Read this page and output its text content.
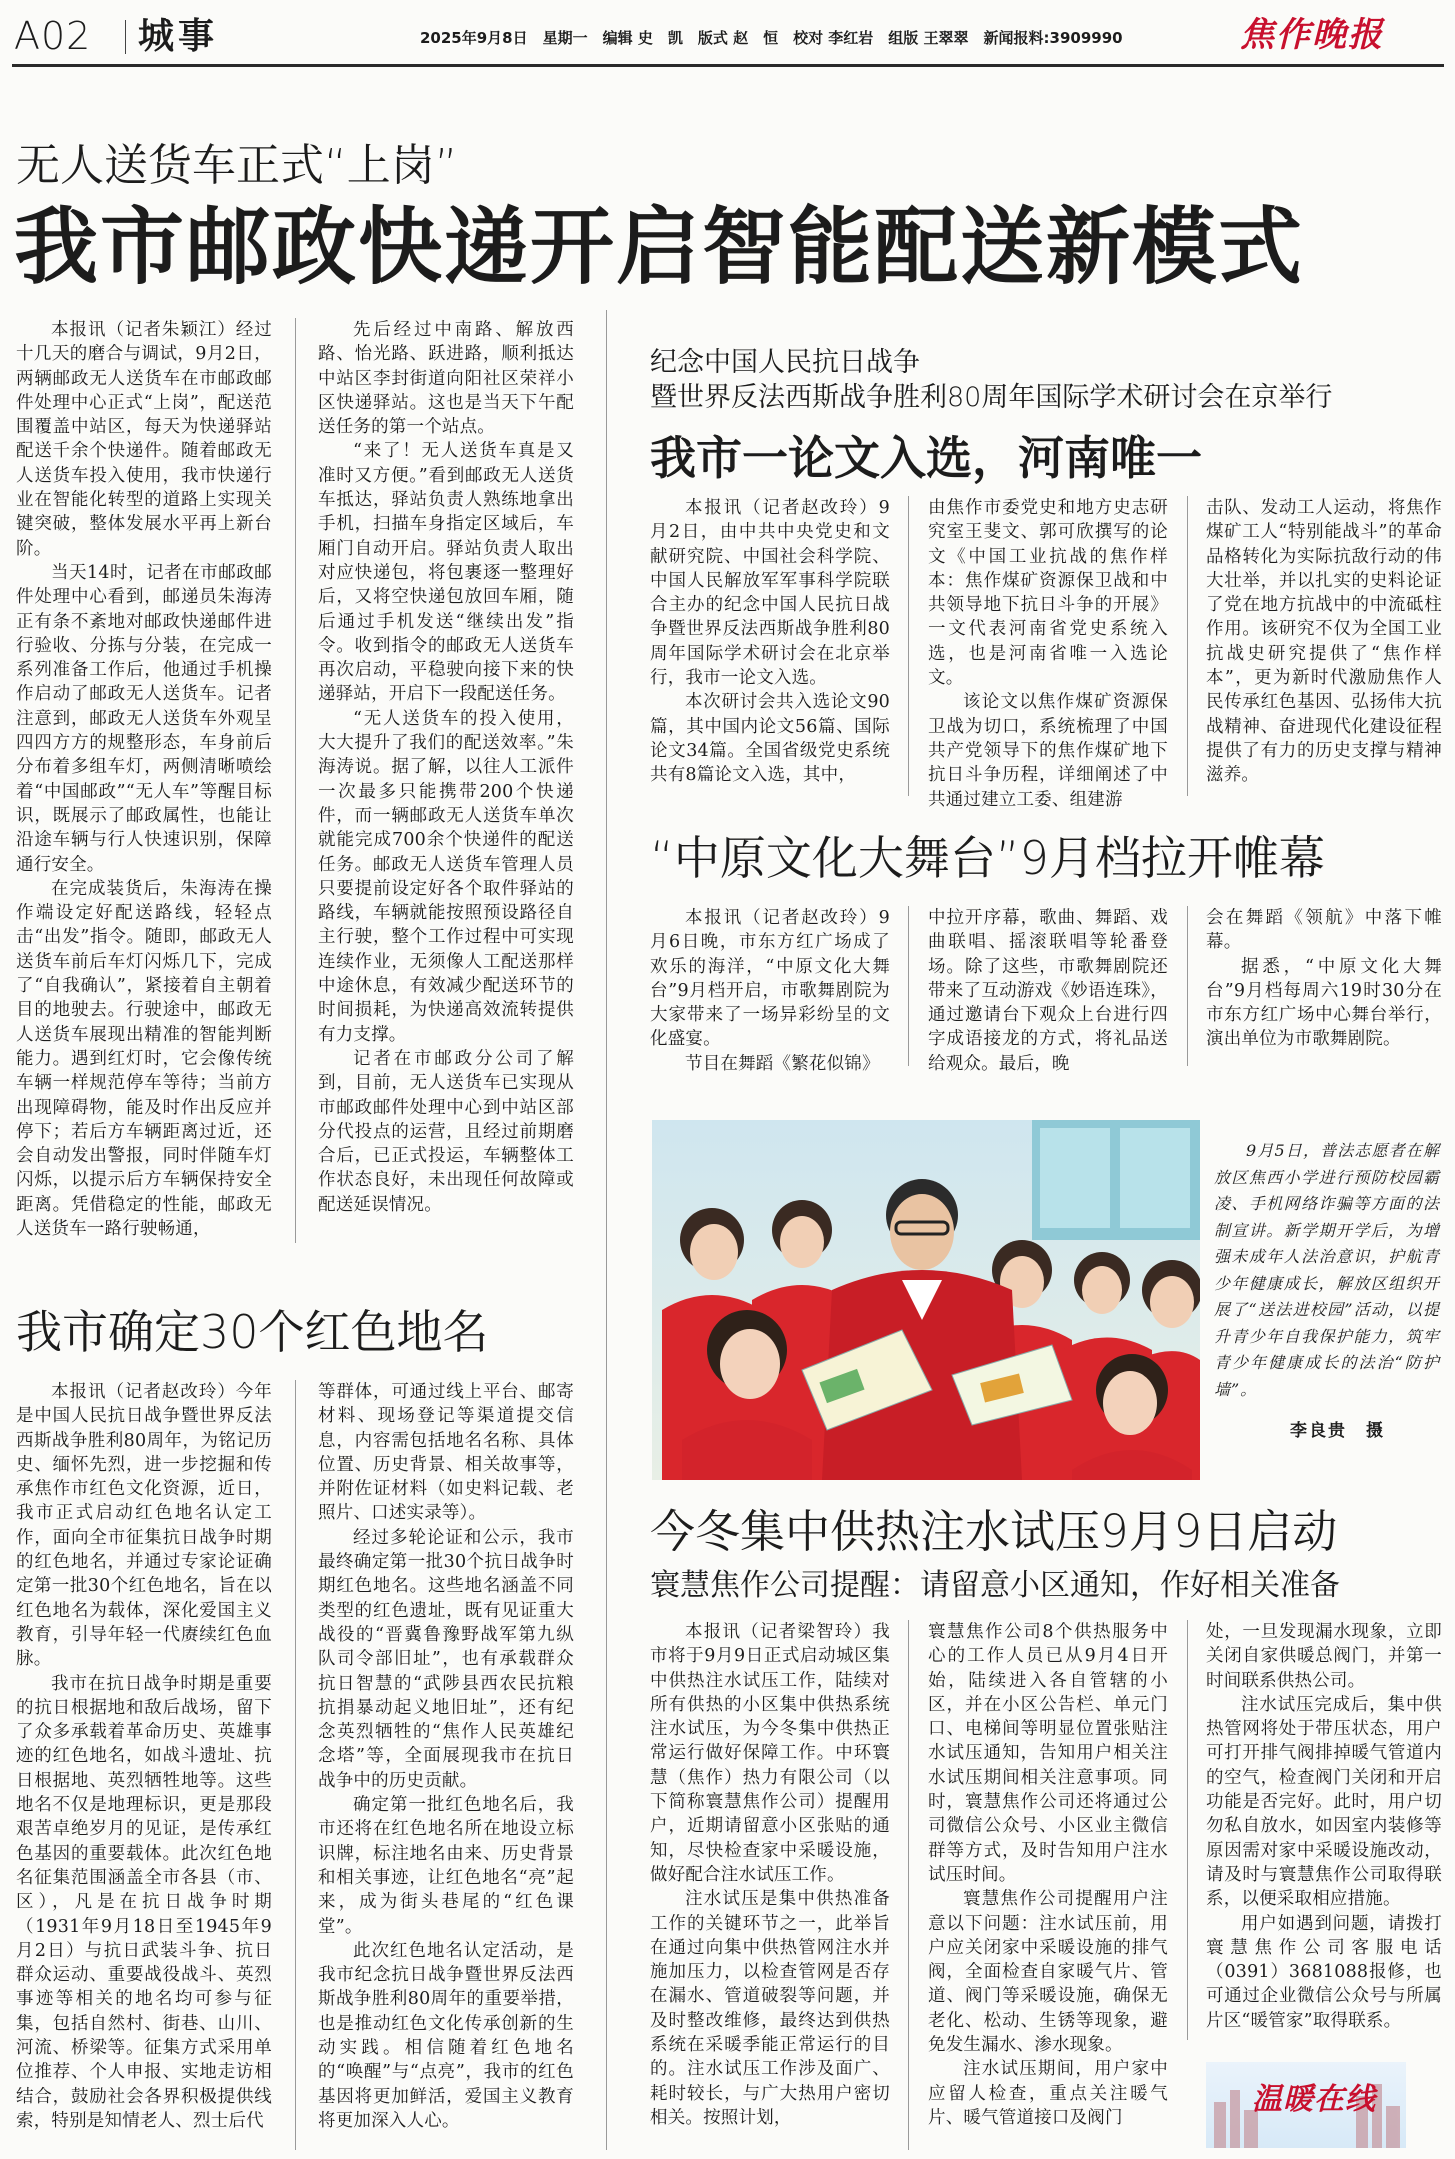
A02 城事	2025年9月8日　星期一　编辑 史　凯　版式 赵　恒　校对 李红岩　组版 王翠翠　新闻报料:3909990	焦作晚报
无人送货车正式“上岗”
我市邮政快递开启智能配送新模式

本报讯（记者朱颖江）经过十几天的磨合与调试，9月2日，两辆邮政无人送货车在市邮政邮件处理中心正式“上岗”，配送范围覆盖中站区，每天为快递驿站配送千余个快递件。随着邮政无人送货车投入使用，我市快递行业在智能化转型的道路上实现关键突破，整体发展水平再上新台阶。

当天14时，记者在市邮政邮件处理中心看到，邮递员朱海涛正有条不紊地对邮政快递邮件进行验收、分拣与分装，在完成一系列准备工作后，他通过手机操作启动了邮政无人送货车。记者注意到，邮政无人送货车外观呈四四方方的规整形态，车身前后分布着多组车灯，两侧清晰喷绘着“中国邮政”“无人车”等醒目标识，既展示了邮政属性，也能让沿途车辆与行人快速识别，保障通行安全。

在完成装货后，朱海涛在操作端设定好配送路线，轻轻点击“出发”指令。随即，邮政无人送货车前后车灯闪烁几下，完成了“自我确认”，紧接着自主朝着目的地驶去。行驶途中，邮政无人送货车展现出精准的智能判断能力。遇到红灯时，它会像传统车辆一样规范停车等待；当前方出现障碍物，能及时作出反应并停下；若后方车辆距离过近，还会自动发出警报，同时伴随车灯闪烁，以提示后方车辆保持安全距离。凭借稳定的性能，邮政无人送货车一路行驶畅通，

先后经过中南路、解放西路、怡光路、跃进路，顺利抵达中站区李封街道向阳社区荣祥小区快递驿站。这也是当天下午配送任务的第一个站点。

“来了！无人送货车真是又准时又方便。”看到邮政无人送货车抵达，驿站负责人熟练地拿出手机，扫描车身指定区域后，车厢门自动开启。驿站负责人取出对应快递包，将包裹逐一整理好后，又将空快递包放回车厢，随后通过手机发送“继续出发”指令。收到指令的邮政无人送货车再次启动，平稳驶向接下来的快递驿站，开启下一段配送任务。

“无人送货车的投入使用，大大提升了我们的配送效率。”朱海涛说。据了解，以往人工派件一次最多只能携带200个快递件，而一辆邮政无人送货车单次就能完成700余个快递件的配送任务。邮政无人送货车管理人员只要提前设定好各个取件驿站的路线，车辆就能按照预设路径自主行驶，整个工作过程中可实现连续作业，无须像人工配送那样中途休息，有效减少配送环节的时间损耗，为快递高效流转提供有力支撑。

记者在市邮政分公司了解到，目前，无人送货车已实现从市邮政邮件处理中心到中站区部分代投点的运营，且经过前期磨合后，已正式投运，车辆整体工作状态良好，未出现任何故障或配送延误情况。

纪念中国人民抗日战争
暨世界反法西斯战争胜利80周年国际学术研讨会在京举行
我市一论文入选，河南唯一

本报讯（记者赵改玲）9月2日，由中共中央党史和文献研究院、中国社会科学院、中国人民解放军军事科学院联合主办的纪念中国人民抗日战争暨世界反法西斯战争胜利80周年国际学术研讨会在北京举行，我市一论文入选。

本次研讨会共入选论文90篇，其中国内论文56篇、国际论文34篇。全国省级党史系统共有8篇论文入选，其中，

由焦作市委党史和地方史志研究室王斐文、郭可欣撰写的论文《中国工业抗战的焦作样本：焦作煤矿资源保卫战和中共领导地下抗日斗争的开展》一文代表河南省党史系统入选，也是河南省唯一入选论文。

该论文以焦作煤矿资源保卫战为切口，系统梳理了中国共产党领导下的焦作煤矿地下抗日斗争历程，详细阐述了中共通过建立工委、组建游

击队、发动工人运动，将焦作煤矿工人“特别能战斗”的革命品格转化为实际抗敌行动的伟大壮举，并以扎实的史料论证了党在地方抗战中的中流砥柱作用。该研究不仅为全国工业抗战史研究提供了“焦作样本”，更为新时代激励焦作人民传承红色基因、弘扬伟大抗战精神、奋进现代化建设征程提供了有力的历史支撑与精神滋养。

“中原文化大舞台”9月档拉开帷幕

本报讯（记者赵改玲）9月6日晚，市东方红广场成了欢乐的海洋，“中原文化大舞台”9月档开启，市歌舞剧院为大家带来了一场异彩纷呈的文化盛宴。

节目在舞蹈《繁花似锦》

中拉开序幕，歌曲、舞蹈、戏曲联唱、摇滚联唱等轮番登场。除了这些，市歌舞剧院还带来了互动游戏《妙语连珠》，通过邀请台下观众上台进行四字成语接龙的方式，将礼品送给观众。最后，晚

会在舞蹈《领航》中落下帷幕。

据悉，“中原文化大舞台”9月档每周六19时30分在市东方红广场中心舞台举行，演出单位为市歌舞剧院。

9月5日，普法志愿者在解放区焦西小学进行预防校园霸凌、手机网络诈骗等方面的法制宣讲。新学期开学后，为增强未成年人法治意识，护航青少年健康成长，解放区组织开展了“送法进校园”活动，以提升青少年自我保护能力，筑牢青少年健康成长的法治“防护墙”。
李良贵　摄
我市确定30个红色地名

本报讯（记者赵改玲）今年是中国人民抗日战争暨世界反法西斯战争胜利80周年，为铭记历史、缅怀先烈，进一步挖掘和传承焦作市红色文化资源，近日，我市正式启动红色地名认定工作，面向全市征集抗日战争时期的红色地名，并通过专家论证确定第一批30个红色地名，旨在以红色地名为载体，深化爱国主义教育，引导年轻一代赓续红色血脉。

我市在抗日战争时期是重要的抗日根据地和敌后战场，留下了众多承载着革命历史、英雄事迹的红色地名，如战斗遗址、抗日根据地、英烈牺牲地等。这些地名不仅是地理标识，更是那段艰苦卓绝岁月的见证，是传承红色基因的重要载体。此次红色地名征集范围涵盖全市各县（市、区），凡是在抗日战争时期（1931年9月18日至1945年9月2日）与抗日武装斗争、抗日群众运动、重要战役战斗、英烈事迹等相关的地名均可参与征集，包括自然村、街巷、山川、河流、桥梁等。征集方式采用单位推荐、个人申报、实地走访相结合，鼓励社会各界积极提供线索，特别是知情老人、烈士后代

等群体，可通过线上平台、邮寄材料、现场登记等渠道提交信息，内容需包括地名名称、具体位置、历史背景、相关故事等，并附佐证材料（如史料记载、老照片、口述实录等）。

经过多轮论证和公示，我市最终确定第一批30个抗日战争时期红色地名。这些地名涵盖不同类型的红色遗址，既有见证重大战役的“晋冀鲁豫野战军第九纵队司令部旧址”，也有承载群众抗日智慧的“武陟县西农民抗粮抗捐暴动起义地旧址”，还有纪念英烈牺牲的“焦作人民英雄纪念塔”等，全面展现我市在抗日战争中的历史贡献。

确定第一批红色地名后，我市还将在红色地名所在地设立标识牌，标注地名由来、历史背景和相关事迹，让红色地名“亮”起来，成为街头巷尾的“红色课堂”。

此次红色地名认定活动，是我市纪念抗日战争暨世界反法西斯战争胜利80周年的重要举措，也是推动红色文化传承创新的生动实践。相信随着红色地名的“唤醒”与“点亮”，我市的红色基因将更加鲜活，爱国主义教育将更加深入人心。

今冬集中供热注水试压9月9日启动
寰慧焦作公司提醒：请留意小区通知，作好相关准备

本报讯（记者梁智玲）我市将于9月9日正式启动城区集中供热注水试压工作，陆续对所有供热的小区集中供热系统注水试压，为今冬集中供热正常运行做好保障工作。中环寰慧（焦作）热力有限公司（以下简称寰慧焦作公司）提醒用户，近期请留意小区张贴的通知，尽快检查家中采暖设施，做好配合注水试压工作。

注水试压是集中供热准备工作的关键环节之一，此举旨在通过向集中供热管网注水并施加压力，以检查管网是否存在漏水、管道破裂等问题，并及时整改维修，最终达到供热系统在采暖季能正常运行的目的。注水试压工作涉及面广、耗时较长，与广大热用户密切相关。按照计划，

寰慧焦作公司8个供热服务中心的工作人员已从9月4日开始，陆续进入各自管辖的小区，并在小区公告栏、单元门口、电梯间等明显位置张贴注水试压通知，告知用户相关注水试压期间相关注意事项。同时，寰慧焦作公司还将通过公司微信公众号、小区业主微信群等方式，及时告知用户注水试压时间。

寰慧焦作公司提醒用户注意以下问题：注水试压前，用户应关闭家中采暖设施的排气阀，全面检查自家暖气片、管道、阀门等采暖设施，确保无老化、松动、生锈等现象，避免发生漏水、渗水现象。

注水试压期间，用户家中应留人检查，重点关注暖气片、暖气管道接口及阀门

处，一旦发现漏水现象，立即关闭自家供暖总阀门，并第一时间联系供热公司。

注水试压完成后，集中供热管网将处于带压状态，用户可打开排气阀排掉暖气管道内的空气，检查阀门关闭和开启功能是否完好。此时，用户切勿私自放水，如因室内装修等原因需对家中采暖设施改动，请及时与寰慧焦作公司取得联系，以便采取相应措施。

用户如遇到问题，请拨打寰慧焦作公司客服电话（0391）3681088报修，也可通过企业微信公众号与所属片区“暖管家”取得联系。

温暖在线
